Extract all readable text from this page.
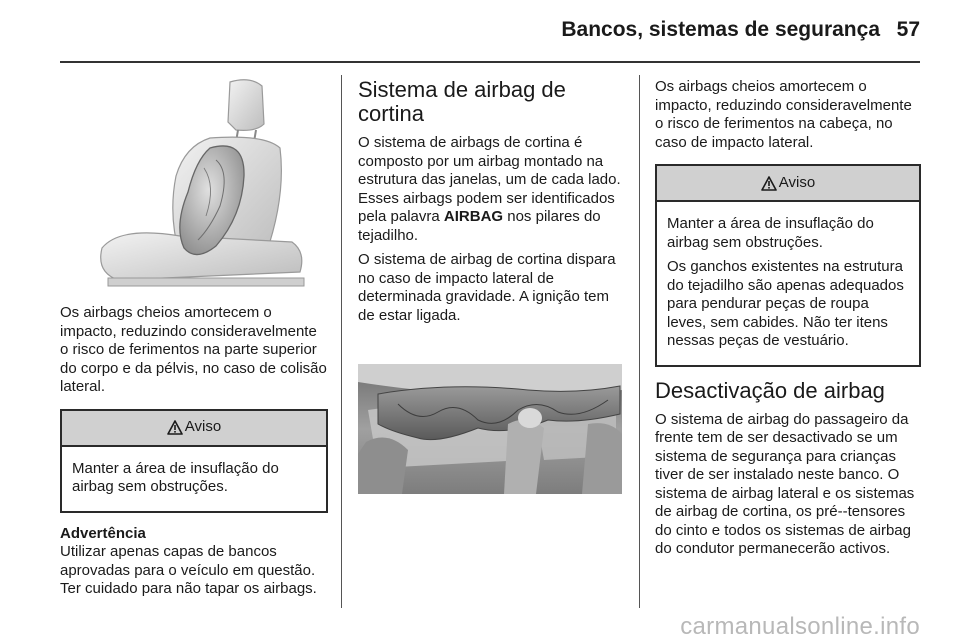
Bancos, sistemas de segurança 57

Os airbags cheios amortecem o impacto, reduzindo consideravelmente o risco de ferimentos na parte superior do corpo e da pélvis, no caso de colisão lateral.

Aviso

Manter a área de insuflação do airbag sem obstruções.

Advertência

Utilizar apenas capas de bancos aprovadas para o veículo em questão. Ter cuidado para não tapar os airbags.

Sistema de airbag de cortina

O sistema de airbags de cortina é composto por um airbag montado na estrutura das janelas, um de cada lado. Esses airbags podem ser identificados pela palavra AIRBAG nos pilares do tejadilho.

O sistema de airbag de cortina dispara no caso de impacto lateral de determinada gravidade. A ignição tem de estar ligada.

Os airbags cheios amortecem o impacto, reduzindo consideravelmente o risco de ferimentos na cabeça, no caso de impacto lateral.

Aviso

Manter a área de insuflação do airbag sem obstruções.

Os ganchos existentes na estrutura do tejadilho são apenas adequados para pendurar peças de roupa leves, sem cabides. Não ter itens nessas peças de vestuário.

Desactivação de airbag

O sistema de airbag do passageiro da frente tem de ser desactivado se um sistema de segurança para crianças tiver de ser instalado neste banco. O sistema de airbag lateral e os sistemas de airbag de cortina, os pré--tensores do cinto e todos os sistemas de airbag do condutor permanecerão activos.

carmanualsonline.info
